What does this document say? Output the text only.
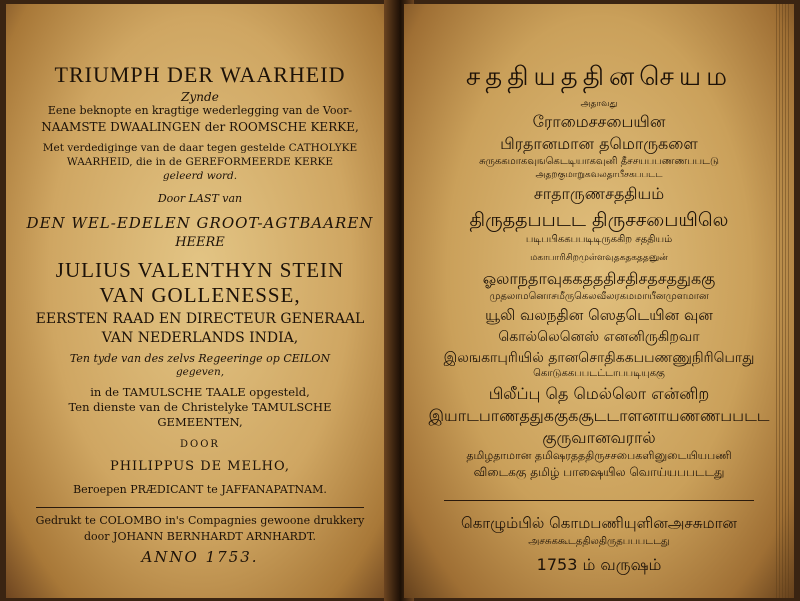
TRIUMPH DER WAARHEID
Zynde
Eene beknopte en kragtige wederlegging van de Voor-
NAAMSTE DWAALINGEN der ROOMSCHE KERKE,
Met verdediginge van de daar tegen gestelde CATHOLYKE
WAARHEID, die in de GEREFORMEERDE KERKE
geleerd word.
Door LAST van
DEN WEL-EDELEN GROOT-AGTBAAREN
HEERE
JULIUS VALENTHYN STEIN
VAN GOLLENESSE,
EERSTEN RAAD EN DIRECTEUR GENERAAL
VAN NEDERLANDS INDIA,
Ten tyde van des zelvs Regeeringe op CEILON
gegeven,
in de TAMULSCHE TAALE opgesteld,
Ten dienste van de Christelyke TAMULSCHE
GEMEENTEN,
DOOR
PHILIPPUS DE MELHO,
Beroepen PRÆDICANT te JAFFANAPATNAM.
Gedrukt te COLOMBO in's Compagnies gewoone drukkery
door JOHANN BERNHARDT ARNHARDT.
ANNO 1753.
சததியததினசெயம
அதாவது
ரோமைசசபையின
பிரதானமான தமொருகளை
சுருககமாகவுஙகெடடியாகவுனி தீசசயபபணணபபடடு
அதறகுமாறுகவலதாபீசகபபடட
சாதாருணசததியம்
திருததபபடட திருசசபையிலெ
படிபபிககபபடிடிருககிற சததியம்
மகாபாரிசிறமுள்ளவுதகதகததனுன்
ஓலாநதாவுககதததிசதிசதசததுககு
முதலாமனொசமீருகெலவீலரகமமாயீனமுளமான
யூலி வலநதின ஸெதடெயின வுன
கொல்லெனெஸ் எனனிருகிறவா
இலஙகாபுரியில் தானசொதிககபபணணுநிரிபொது
கொடுககபபடட்டாபபடியுககு
பிலீப்பு தெ மெல்லொ என்னிற
இயாடபாணததுககுகசூடடாளனாயணணபபடட
குருவானவரால்
தமிழதாமான தமிஷரதததிருசசபைகளினுடையியபணி
விடைககு தமிழ் பாஷையில வொய்யபபடடது
கொழும்பில் கொமபணியுளினஅசசுமான
அசசுககூடததிலதிருதபபபடடது
1753 ம் வருஷம்
